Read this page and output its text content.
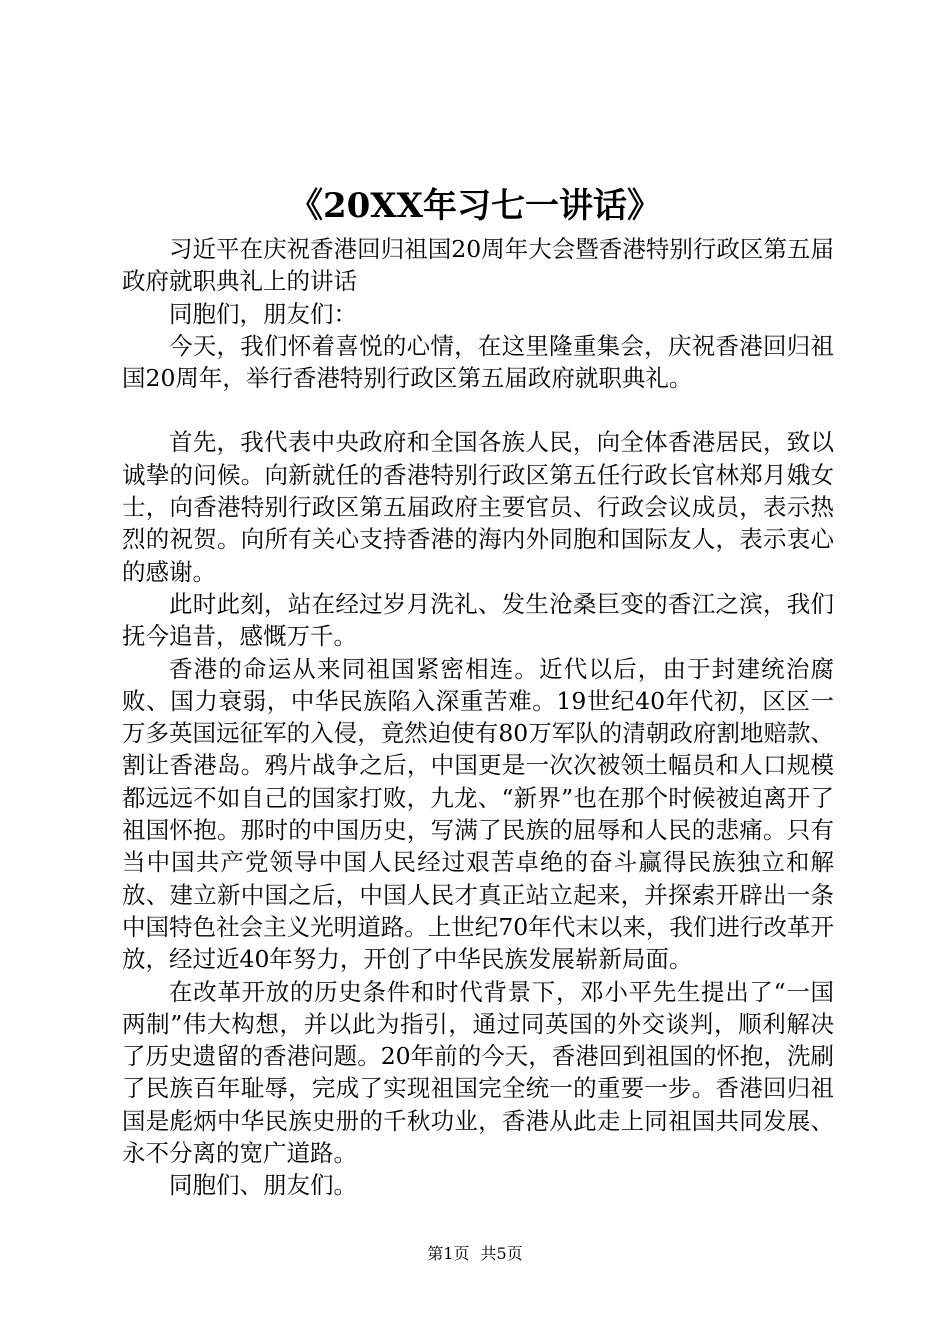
《20XX年习七一讲话》

习近平在庆祝香港回归祖国20周年大会暨香港特别行政区第五届政府就职典礼上的讲话

同胞们，朋友们：

今天，我们怀着喜悦的心情，在这里隆重集会，庆祝香港回归祖国20周年，举行香港特别行政区第五届政府就职典礼。

首先，我代表中央政府和全国各族人民，向全体香港居民，致以诚挚的问候。向新就任的香港特别行政区第五任行政长官林郑月娥女士，向香港特别行政区第五届政府主要官员、行政会议成员，表示热烈的祝贺。向所有关心支持香港的海内外同胞和国际友人，表示衷心的感谢。

此时此刻，站在经过岁月洗礼、发生沧桑巨变的香江之滨，我们抚今追昔，感慨万千。

香港的命运从来同祖国紧密相连。近代以后，由于封建统治腐败、国力衰弱，中华民族陷入深重苦难。19世纪40年代初，区区一万多英国远征军的入侵，竟然迫使有80万军队的清朝政府割地赔款、割让香港岛。鸦片战争之后，中国更是一次次被领土幅员和人口规模都远远不如自己的国家打败，九龙、“新界”也在那个时候被迫离开了祖国怀抱。那时的中国历史，写满了民族的屈辱和人民的悲痛。只有当中国共产党领导中国人民经过艰苦卓绝的奋斗赢得民族独立和解放、建立新中国之后，中国人民才真正站立起来，并探索开辟出一条中国特色社会主义光明道路。上世纪70年代末以来，我们进行改革开放，经过近40年努力，开创了中华民族发展崭新局面。

在改革开放的历史条件和时代背景下，邓小平先生提出了“一国两制”伟大构想，并以此为指引，通过同英国的外交谈判，顺利解决了历史遗留的香港问题。20年前的今天，香港回到祖国的怀抱，洗刷了民族百年耻辱，完成了实现祖国完全统一的重要一步。香港回归祖国是彪炳中华民族史册的千秋功业，香港从此走上同祖国共同发展、永不分离的宽广道路。

同胞们、朋友们。

第1页 共5页
